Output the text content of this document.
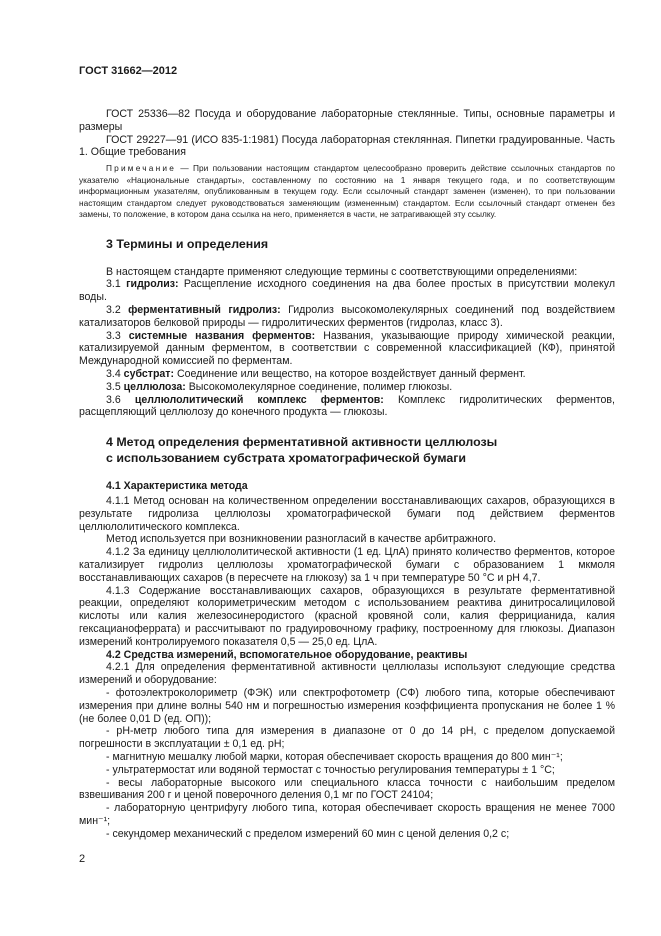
ГОСТ 31662—2012

ГОСТ 25336—82 Посуда и оборудование лабораторные стеклянные. Типы, основные параметры и размеры

ГОСТ 29227—91 (ИСО 835-1:1981) Посуда лабораторная стеклянная. Пипетки градуированные. Часть 1. Общие требования

Примечание — При пользовании настоящим стандартом целесообразно проверить действие ссылочных стандартов по указателю «Национальные стандарты», составленному по состоянию на 1 января текущего года, и по соответствующим информационным указателям, опубликованным в текущем году. Если ссылочный стандарт заменен (изменен), то при пользовании настоящим стандартом следует руководствоваться заменяющим (измененным) стандартом. Если ссылочный стандарт отменен без замены, то положение, в котором дана ссылка на него, применяется в части, не затрагивающей эту ссылку.

3 Термины и определения

В настоящем стандарте применяют следующие термины с соответствующими определениями:

3.1 гидролиз: Расщепление исходного соединения на два более простых в присутствии молекул воды.

3.2 ферментативный гидролиз: Гидролиз высокомолекулярных соединений под воздействием катализаторов белковой природы — гидролитических ферментов (гидролаз, класс 3).

3.3 системные названия ферментов: Названия, указывающие природу химической реакции, катализируемой данным ферментом, в соответствии с современной классификацией (КФ), принятой Международной комиссией по ферментам.

3.4 субстрат: Соединение или вещество, на которое воздействует данный фермент.

3.5 целлюлоза: Высокомолекулярное соединение, полимер глюкозы.

3.6 целлюлолитический комплекс ферментов: Комплекс гидролитических ферментов, расщепляющий целлюлозу до конечного продукта — глюкозы.

4 Метод определения ферментативной активности целлюлозы
с использованием субстрата хроматографической бумаги

4.1 Характеристика метода

4.1.1 Метод основан на количественном определении восстанавливающих сахаров, образующихся в результате гидролиза целлюлозы хроматографической бумаги под действием ферментов целлюлолитического комплекса.

Метод используется при возникновении разногласий в качестве арбитражного.

4.1.2 За единицу целлюлолитической активности (1 ед. ЦлА) принято количество ферментов, которое катализирует гидролиз целлюлозы хроматографической бумаги с образованием 1 мкмоля восстанавливающих сахаров (в пересчете на глюкозу) за 1 ч при температуре 50 °С и рН 4,7.

4.1.3 Содержание восстанавливающих сахаров, образующихся в результате ферментативной реакции, определяют колориметрическим методом с использованием реактива динитросалициловой кислоты или калия железосинеродистого (красной кровяной соли, калия феррицианида, калия гексацианоферрата) и рассчитывают по градуировочному графику, построенному для глюкозы. Диапазон измерений контролируемого показателя 0,5 — 25,0 ед. ЦлА.

4.2 Средства измерений, вспомогательное оборудование, реактивы

4.2.1 Для определения ферментативной активности целлюлазы используют следующие средства измерений и оборудование:

- фотоэлектроколориметр (ФЭК) или спектрофотометр (СФ) любого типа, которые обеспечивают измерения при длине волны 540 нм и погрешностью измерения коэффициента пропускания не более 1 % (не более 0,01 D (ед. ОП));

- рН-метр любого типа для измерения в диапазоне от 0 до 14 рН, с пределом допускаемой погрешности в эксплуатации ± 0,1 ед. рН;

- магнитную мешалку любой марки, которая обеспечивает скорость вращения до 800 мин⁻¹;

- ультратермостат или водяной термостат с точностью регулирования температуры ± 1 °С;

- весы лабораторные высокого или специального класса точности с наибольшим пределом взвешивания 200 г и ценой поверочного деления 0,1 мг по ГОСТ 24104;

- лабораторную центрифугу любого типа, которая обеспечивает скорость вращения не менее 7000 мин⁻¹;

- секундомер механический с пределом измерений 60 мин с ценой деления 0,2 с;

2
